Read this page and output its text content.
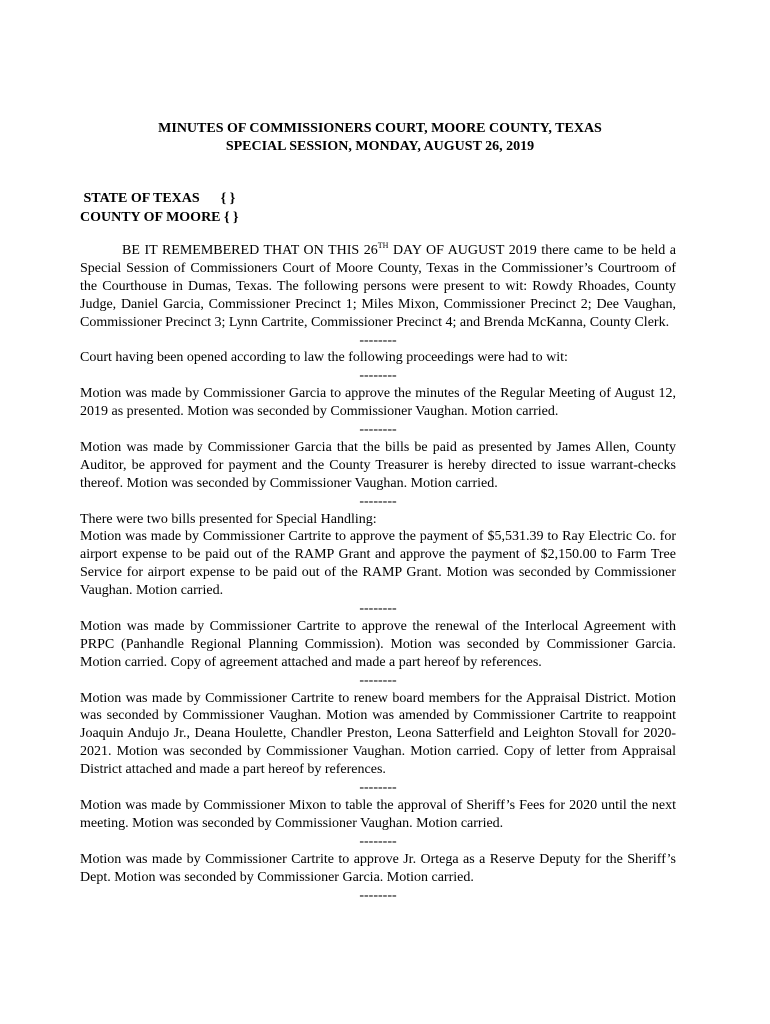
MINUTES OF COMMISSIONERS COURT, MOORE COUNTY, TEXAS
SPECIAL SESSION, MONDAY, AUGUST 26, 2019
STATE OF TEXAS      { }
COUNTY OF MOORE { }

BE IT REMEMBERED THAT ON THIS 26TH DAY OF AUGUST 2019 there came to be held a Special Session of Commissioners Court of Moore County, Texas in the Commissioner’s Courtroom of the Courthouse in Dumas, Texas. The following persons were present to wit: Rowdy Rhoades, County Judge, Daniel Garcia, Commissioner Precinct 1; Miles Mixon, Commissioner Precinct 2; Dee Vaughan, Commissioner Precinct 3; Lynn Cartrite, Commissioner Precinct 4; and Brenda McKanna, County Clerk.

--------

Court having been opened according to law the following proceedings were had to wit:

--------

Motion was made by Commissioner Garcia to approve the minutes of the Regular Meeting of August 12, 2019 as presented. Motion was seconded by Commissioner Vaughan. Motion carried.

--------

Motion was made by Commissioner Garcia that the bills be paid as presented by James Allen, County Auditor, be approved for payment and the County Treasurer is hereby directed to issue warrant-checks thereof. Motion was seconded by Commissioner Vaughan. Motion carried.

--------

There were two bills presented for Special Handling:

Motion was made by Commissioner Cartrite to approve the payment of $5,531.39 to Ray Electric Co. for airport expense to be paid out of the RAMP Grant and approve the payment of $2,150.00 to Farm Tree Service for airport expense to be paid out of the RAMP Grant. Motion was seconded by Commissioner Vaughan. Motion carried.

--------

Motion was made by Commissioner Cartrite to approve the renewal of the Interlocal Agreement with PRPC (Panhandle Regional Planning Commission). Motion was seconded by Commissioner Garcia. Motion carried. Copy of agreement attached and made a part hereof by references.

--------

Motion was made by Commissioner Cartrite to renew board members for the Appraisal District. Motion was seconded by Commissioner Vaughan. Motion was amended by Commissioner Cartrite to reappoint Joaquin Andujo Jr., Deana Houlette, Chandler Preston, Leona Satterfield and Leighton Stovall for 2020-2021. Motion was seconded by Commissioner Vaughan. Motion carried. Copy of letter from Appraisal District attached and made a part hereof by references.

--------

Motion was made by Commissioner Mixon to table the approval of Sheriff’s Fees for 2020 until the next meeting. Motion was seconded by Commissioner Vaughan. Motion carried.

--------

Motion was made by Commissioner Cartrite to approve Jr. Ortega as a Reserve Deputy for the Sheriff’s Dept. Motion was seconded by Commissioner Garcia. Motion carried.

--------
